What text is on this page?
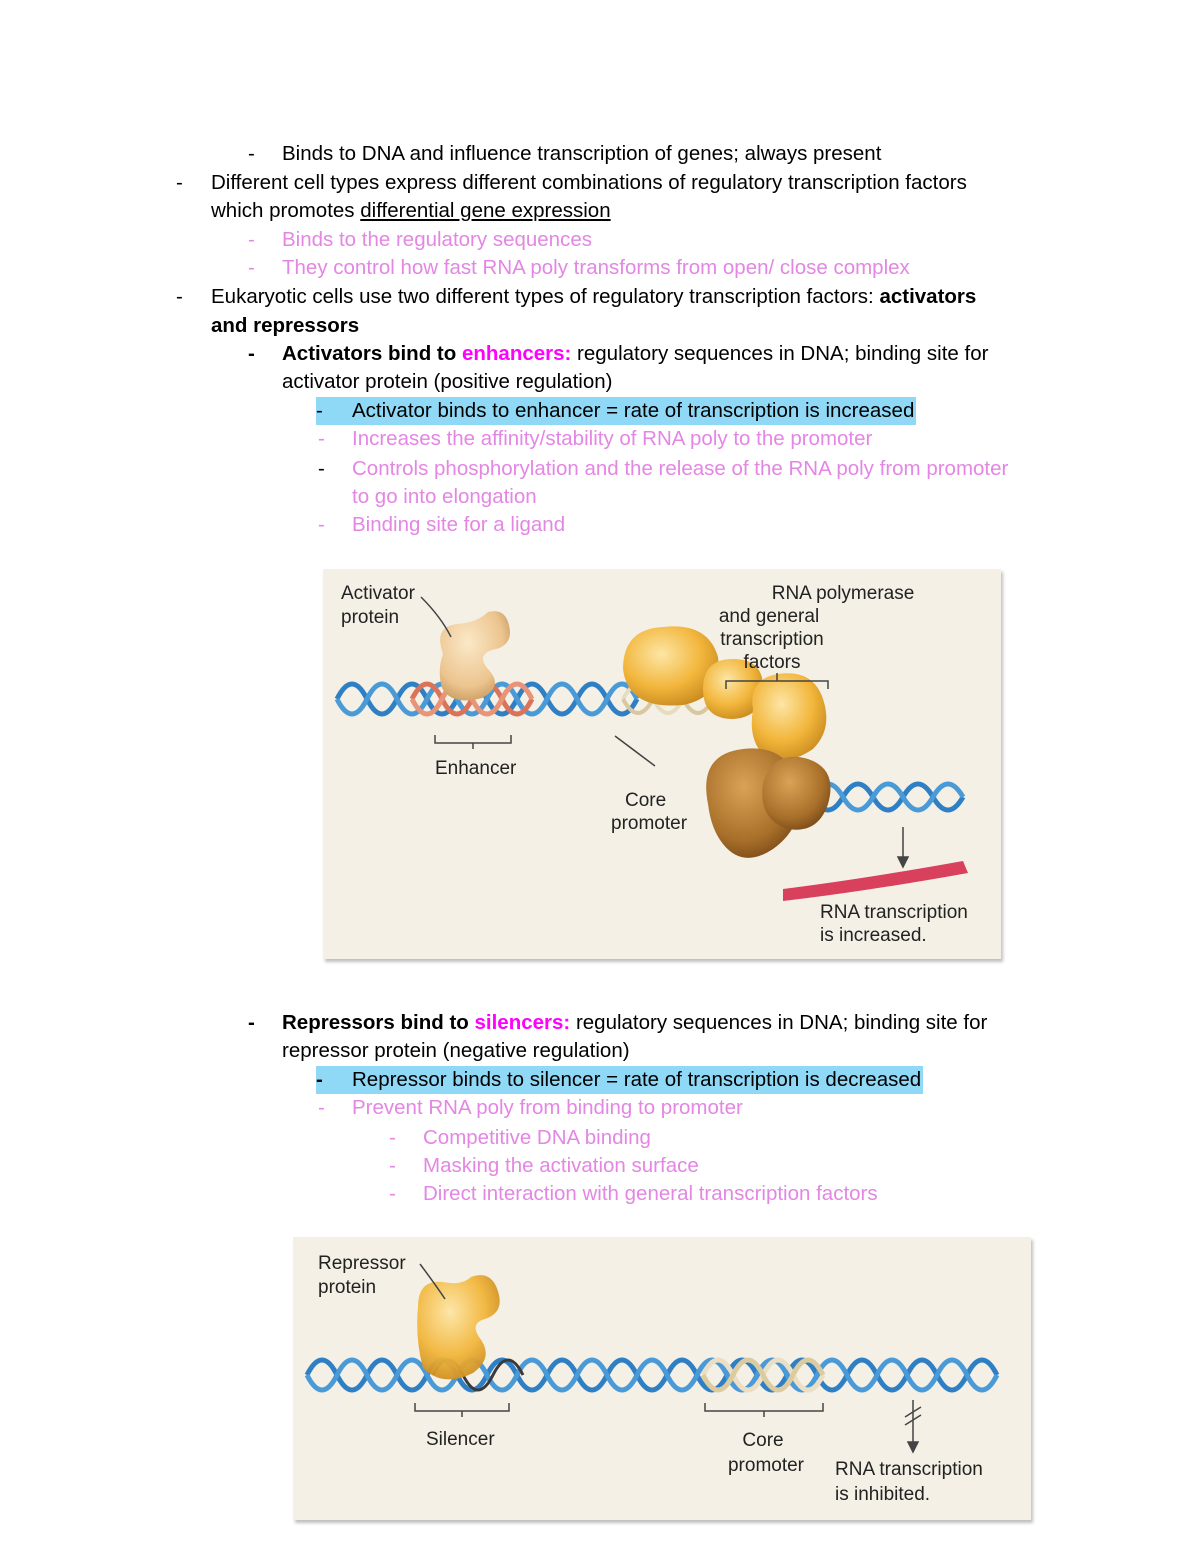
- Binds to DNA and influence transcription of genes; always present
- Different cell types express different combinations of regulatory transcription factors
which promotes differential gene expression
- Binds to the regulatory sequences
- They control how fast RNA poly transforms from open/ close complex
- Eukaryotic cells use two different types of regulatory transcription factors: activators
and repressors
- Activators bind to enhancers: regulatory sequences in DNA; binding site for
activator protein (positive regulation)
- Activator binds to enhancer = rate of transcription is increased
- Increases the affinity/stability of RNA poly to the promoter
- Controls phosphorylation and the release of the RNA poly from promoter
to go into elongation
- Binding site for a ligand
Activator
protein
RNA polymerase
and general
transcription
factors
Enhancer
Core
promoter
RNA transcription
is increased.
- Repressors bind to silencers: regulatory sequences in DNA; binding site for
repressor protein (negative regulation)
- Repressor binds to silencer = rate of transcription is decreased
- Prevent RNA poly from binding to promoter
- Competitive DNA binding
- Masking the activation surface
- Direct interaction with general transcription factors
Repressor
protein
Silencer	Core
promoter RNA transcription
is inhibited.
